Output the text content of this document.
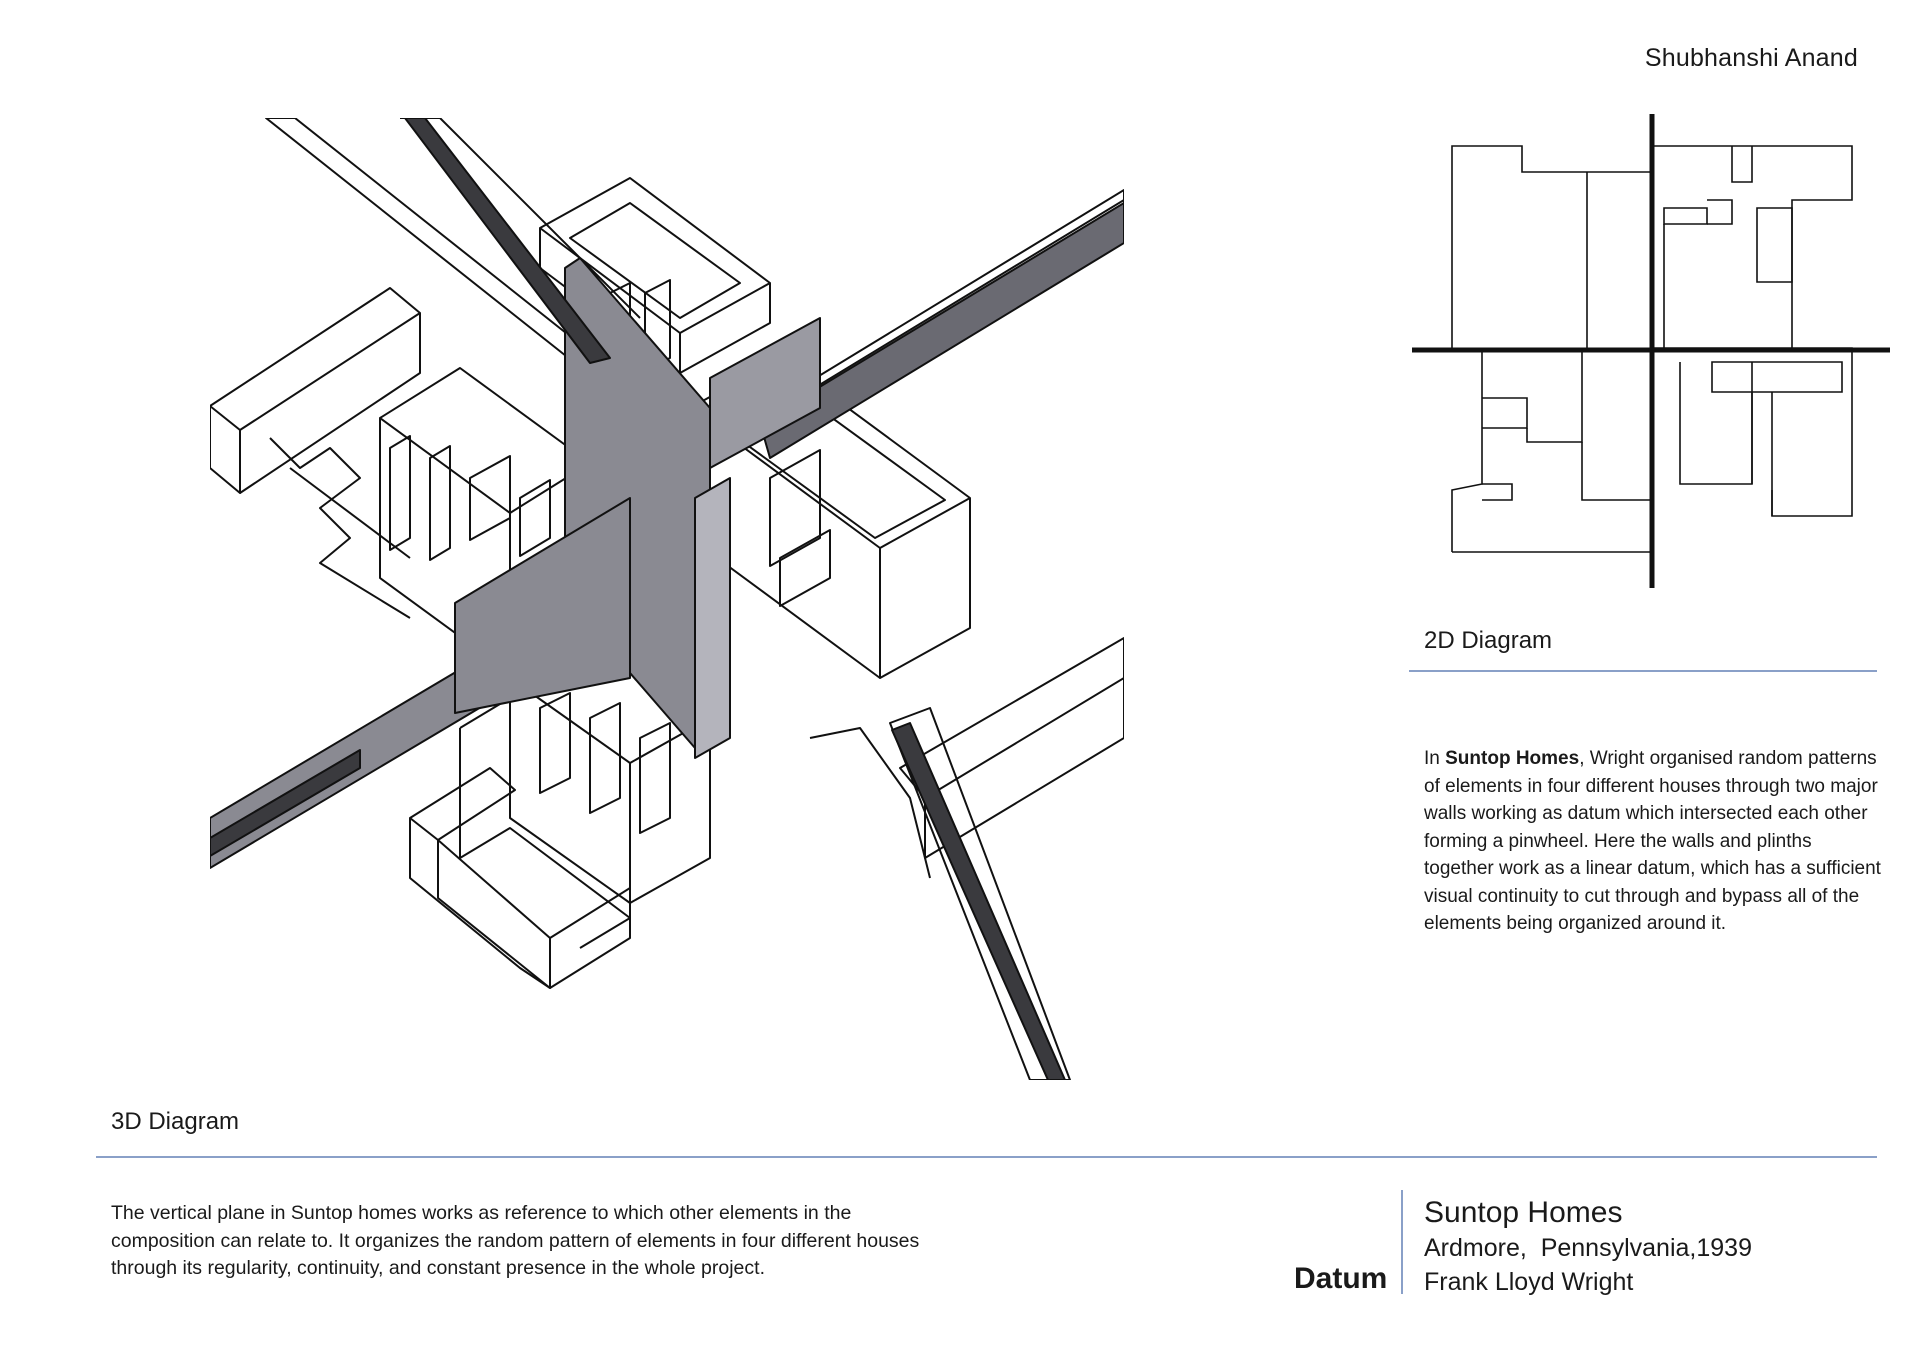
Shubhanshi Anand
3D Diagram
2D Diagram
In Suntop Homes, Wright organised random patterns of elements in four different houses through two major walls working as datum which intersected each other forming a pinwheel. Here the walls and plinths together work as a linear datum, which has a sufficient visual continuity to cut through and bypass all of the elements being organized around it.
The vertical plane in Suntop homes works as reference to which other elements in the composition can relate to. It organizes the random pattern of elements in four different houses through its regularity, continuity, and constant presence in the whole project.	Datum
Suntop Homes
Ardmore,  Pennsylvania,1939
Frank Lloyd Wright
